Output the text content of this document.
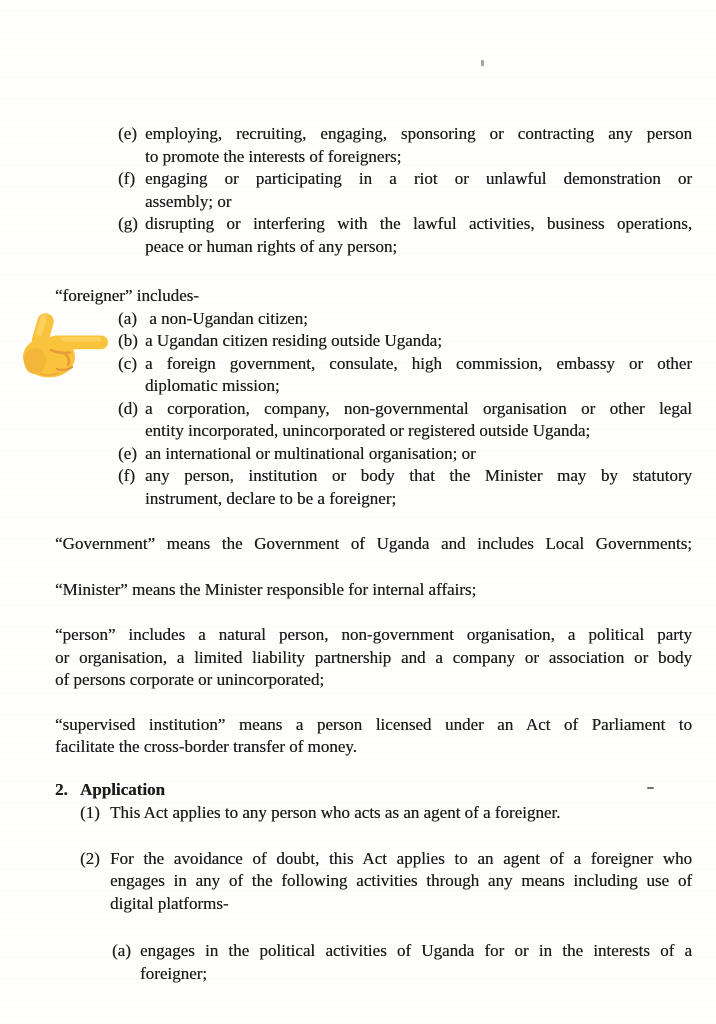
(e) employing, recruiting, engaging, sponsoring or contracting any person
to promote the interests of foreigners;
(f) engaging or participating in a riot or unlawful demonstration or
assembly; or
(g) disrupting or interfering with the lawful activities, business operations,
peace or human rights of any person;
“foreigner” includes-
(a) a non-Ugandan citizen;
(b) a Ugandan citizen residing outside Uganda;
(c) a foreign government, consulate, high commission, embassy or other
diplomatic mission;
(d) a corporation, company, non-governmental organisation or other legal
entity incorporated, unincorporated or registered outside Uganda;
(e) an international or multinational organisation; or
(f) any person, institution or body that the Minister may by statutory
instrument, declare to be a foreigner;
“Government” means the Government of Uganda and includes Local Governments;
“Minister” means the Minister responsible for internal affairs;
“person” includes a natural person, non-government organisation, a political party
or organisation, a limited liability partnership and a company or association or body
of persons corporate or unincorporated;
“supervised institution” means a person licensed under an Act of Parliament to
facilitate the cross-border transfer of money.
2. Application
(1) This Act applies to any person who acts as an agent of a foreigner.
(2) For the avoidance of doubt, this Act applies to an agent of a foreigner who
engages in any of the following activities through any means including use of
digital platforms-
(a) engages in the political activities of Uganda for or in the interests of a
foreigner;
